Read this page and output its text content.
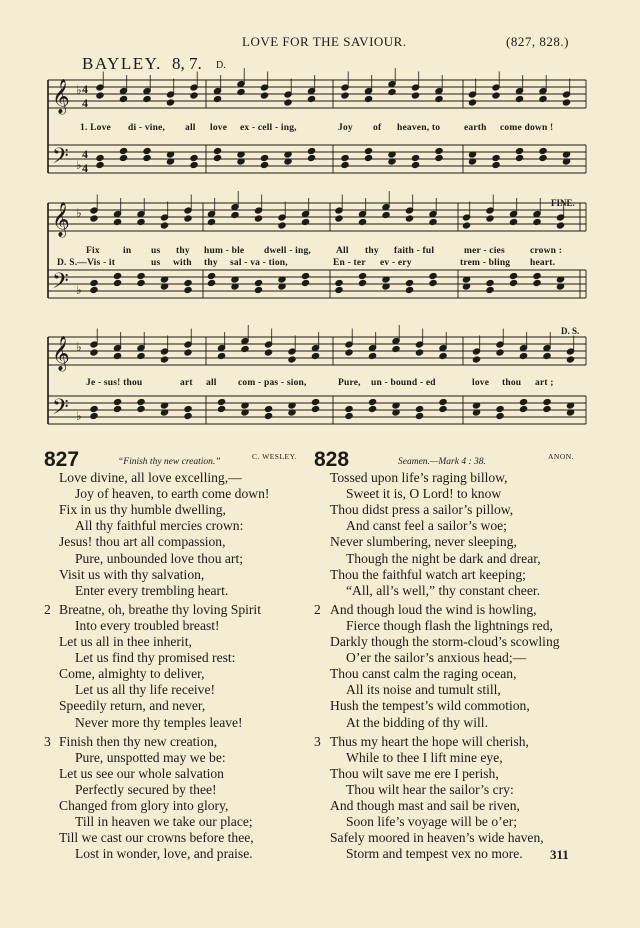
LOVE FOR THE SAVIOUR.	(827, 828.)
BAYLEY. 8, 7. D.
𝄞
𝄢
♭
♭
4
4
4
4
𝄞
𝄢
♭
♭
𝄞
𝄢
♭
♭
1. Love di - vine, all love ex - cell - ing,	Joy of heaven, to	earth come down !
Fix in us thy hum - ble dwell - ing,	All thy faith - ful	mer - cies	crown :
D. S.—Vis - it	us with thy sal - va - tion,	En - ter ev - ery	trem - bling heart.
Je - sus! thou	art all com - pas - sion,	Pure, un - bound - ed	love thou art ;
FINE.
D. S.
827	“Finish thy new creation.”
C. WESLEY.
Love divine, all love excelling,—
Joy of heaven, to earth come down!
Fix in us thy humble dwelling,
All thy faithful mercies crown:
Jesus! thou art all compassion,
Pure, unbounded love thou art;
Visit us with thy salvation,
Enter every trembling heart.
2 Breatne, oh, breathe thy loving Spirit
Into every troubled breast!
Let us all in thee inherit,
Let us find thy promised rest:
Come, almighty to deliver,
Let us all thy life receive!
Speedily return, and never,
Never more thy temples leave!
3 Finish then thy new creation,
Pure, unspotted may we be:
Let us see our whole salvation
Perfectly secured by thee!
Changed from glory into glory,
Till in heaven we take our place;
Till we cast our crowns before thee,
Lost in wonder, love, and praise.
828	Seamen.—Mark 4 : 38.
ANON.
Tossed upon life’s raging billow,
Sweet it is, O Lord! to know
Thou didst press a sailor’s pillow,
And canst feel a sailor’s woe;
Never slumbering, never sleeping,
Though the night be dark and drear,
Thou the faithful watch art keeping;
“All, all’s well,” thy constant cheer.
2 And though loud the wind is howling,
Fierce though flash the lightnings red,
Darkly though the storm-cloud’s scowling
O’er the sailor’s anxious head;—
Thou canst calm the raging ocean,
All its noise and tumult still,
Hush the tempest’s wild commotion,
At the bidding of thy will.
3 Thus my heart the hope will cherish,
While to thee I lift mine eye,
Thou wilt save me ere I perish,
Thou wilt hear the sailor’s cry:
And though mast and sail be riven,
Soon life’s voyage will be o’er;
Safely moored in heaven’s wide haven,
Storm and tempest vex no more. 311
